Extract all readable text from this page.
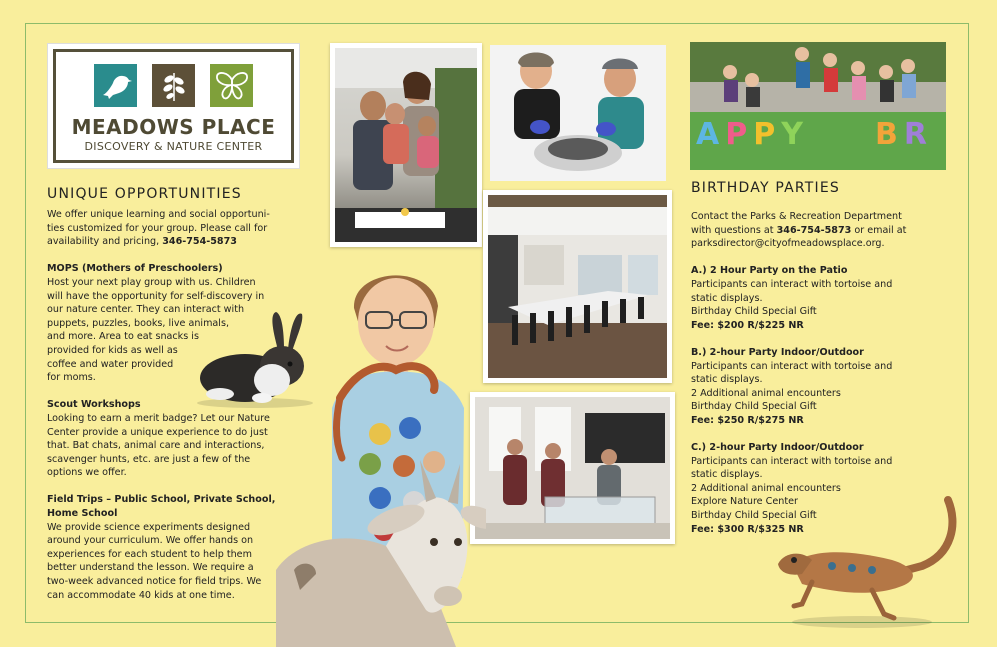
MEADOWS PLACE
DISCOVERY & NATURE CENTER
UNIQUE OPPORTUNITIES

We offer unique learning and social opportuni-
ties customized for your group. Please call for
availability and pricing, 346-754-5873

MOPS (Mothers of Preschoolers)
Host your next play group with us. Children
will have the opportunity for self-discovery in
our nature center. They can interact with
puppets, puzzles, books, live animals,
and more. Area to eat snacks is
provided for kids as well as
coffee and water provided
for moms.

Scout Workshops
Looking to earn a merit badge? Let our Nature
Center provide a unique experience to do just
that. Bat chats, animal care and interactions,
scavenger hunts, etc. are just a few of the
options we offer.

Field Trips – Public School, Private School,
Home School
We provide science experiments designed
around your curriculum. We offer hands on
experiences for each student to help them
better understand the lesson. We require a
two-week advanced notice for field trips. We
can accommodate 40 kids at one time.

A P P Y B R
BIRTHDAY PARTIES

Contact the Parks & Recreation Department
with questions at 346-754-5873 or email at
parksdirector@cityofmeadowsplace.org.

A.) 2 Hour Party on the Patio
Participants can interact with tortoise and
static displays.
Birthday Child Special Gift
Fee: $200 R/$225 NR

B.) 2-hour Party Indoor/Outdoor
Participants can interact with tortoise and
static displays.
2 Additional animal encounters
Birthday Child Special Gift
Fee: $250 R/$275 NR

C.) 2-hour Party Indoor/Outdoor
Participants can interact with tortoise and
static displays.
2 Additional animal encounters
Explore Nature Center
Birthday Child Special Gift
Fee: $300 R/$325 NR
